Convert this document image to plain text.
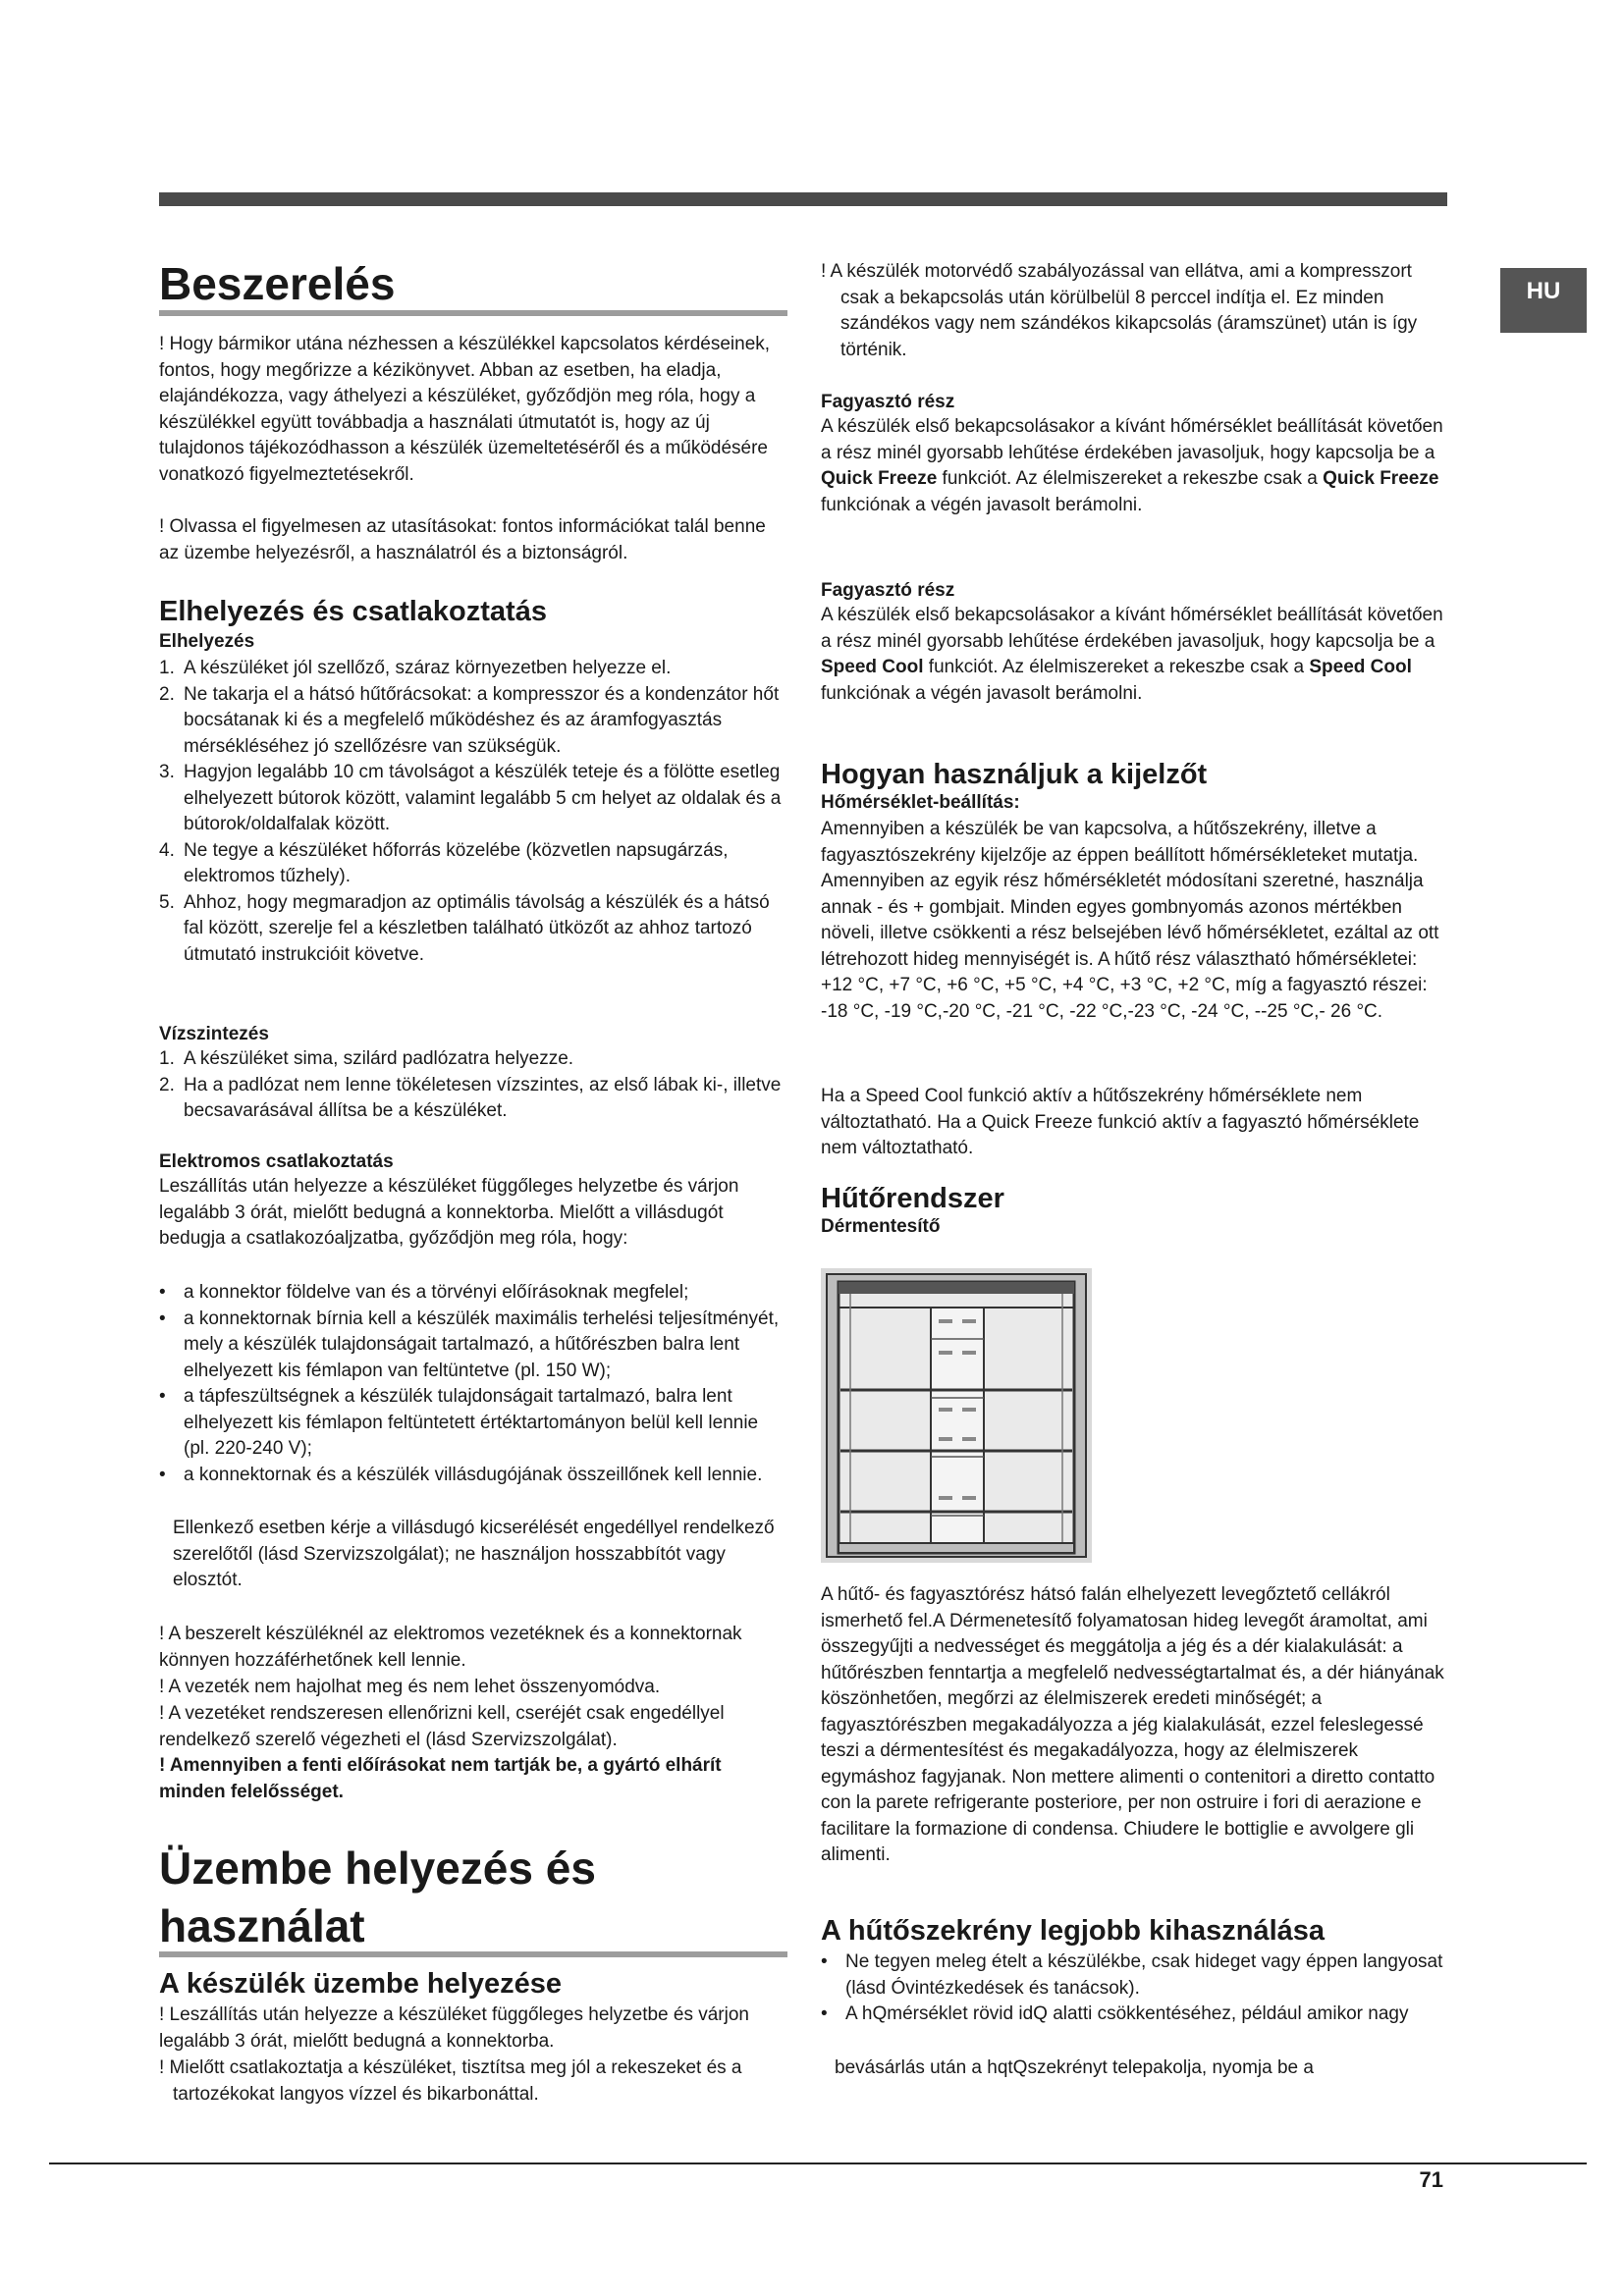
HU
Beszerelés

! Hogy bármikor utána nézhessen a készülékkel kapcsolatos kérdéseinek, fontos, hogy megőrizze a kézikönyvet. Abban az esetben, ha eladja, elajándékozza, vagy áthelyezi a készüléket, győződjön meg róla, hogy a készülékkel együtt továbbadja a használati útmutatót is, hogy az új tulajdonos tájékozódhasson a készülék üzemeltetéséről és a működésére vonatkozó figyelmeztetésekről.

! Olvassa el figyelmesen az utasításokat: fontos információkat talál benne az üzembe helyezésről, a használatról és a biztonságról.

Elhelyezés és csatlakoztatás
Elhelyezés
1. A készüléket jól szellőző, száraz környezetben helyezze el.
2. Ne takarja el a hátsó hűtőrácsokat: a kompresszor és a kondenzátor hőt bocsátanak ki és a megfelelő működéshez és az áramfogyasztás mérsékléséhez jó szellőzésre van szükségük.
3. Hagyjon legalább 10 cm távolságot a készülék teteje és a fölötte esetleg elhelyezett bútorok között, valamint legalább 5 cm helyet az oldalak és a bútorok/oldalfalak között.
4. Ne tegye a készüléket hőforrás közelébe (közvetlen napsugárzás, elektromos tűzhely).
5. Ahhoz, hogy megmaradjon az optimális távolság a készülék és a hátsó fal között, szerelje fel a készletben található ütközőt az ahhoz tartozó útmutató instrukcióit követve.
Vízszintezés
1. A készüléket sima, szilárd padlózatra helyezze.
2. Ha a padlózat nem lenne tökéletesen vízszintes, az első lábak ki-, illetve becsavarásával állítsa be a készüléket.
Elektromos csatlakoztatás

Leszállítás után helyezze a készüléket függőleges helyzetbe és várjon legalább 3 órát, mielőtt bedugná a konnektorba. Mielőtt a villásdugót bedugja a csatlakozóaljzatba, győződjön meg róla, hogy:

• a konnektor földelve van és a törvényi előírásoknak megfelel;
• a konnektornak bírnia kell a készülék maximális terhelési teljesítményét, mely a készülék tulajdonságait tartalmazó, a hűtőrészben balra lent elhelyezett kis fémlapon van feltüntetve (pl. 150 W);
• a tápfeszültségnek a készülék tulajdonságait tartalmazó, balra lent elhelyezett kis fémlapon feltüntetett értéktartományon belül kell lennie (pl. 220-240 V);
• a konnektornak és a készülék villásdugójának összeillőnek kell lennie.

Ellenkező esetben kérje a villásdugó kicserélését engedéllyel rendelkező szerelőtől (lásd Szervizszolgálat); ne használjon hosszabbítót vagy elosztót.

! A beszerelt készüléknél az elektromos vezetéknek és a konnektornak könnyen hozzáférhetőnek kell lennie.

! A vezeték nem hajolhat meg és nem lehet összenyomódva.

! A vezetéket rendszeresen ellenőrizni kell, cseréjét csak engedéllyel rendelkező szerelő végezheti el (lásd Szervizszolgálat).

! Amennyiben a fenti előírásokat nem tartják be, a gyártó elhárít minden felelősséget.

Üzembe helyezés és
használat
A készülék üzembe helyezése

! Leszállítás után helyezze a készüléket függőleges helyzetbe és várjon legalább 3 órát, mielőtt bedugná a konnektorba.

! Mielőtt csatlakoztatja a készüléket, tisztítsa meg jól a rekeszeket és a tartozékokat langyos vízzel és bikarbonáttal.

! A készülék motorvédő szabályozással van ellátva, ami a kompresszort csak a bekapcsolás után körülbelül 8 perccel indítja el. Ez minden szándékos vagy nem szándékos kikapcsolás (áramszünet) után is így történik.

Fagyasztó rész

A készülék első bekapcsolásakor a kívánt hőmérséklet beállítását követően a rész minél gyorsabb lehűtése érdekében javasoljuk, hogy kapcsolja be a Quick Freeze funkciót. Az élelmiszereket a rekeszbe csak a Quick Freeze funkciónak a végén javasolt berámolni.

Fagyasztó rész

A készülék első bekapcsolásakor a kívánt hőmérséklet beállítását követően a rész minél gyorsabb lehűtése érdekében javasoljuk, hogy kapcsolja be a Speed Cool funkciót. Az élelmiszereket a rekeszbe csak a Speed Cool funkciónak a végén javasolt berámolni.

Hogyan használjuk a kijelzőt
Hőmérséklet-beállítás:

Amennyiben a készülék be van kapcsolva, a hűtőszekrény, illetve a fagyasztószekrény kijelzője az éppen beállított hőmérsékleteket mutatja. Amennyiben az egyik rész hőmérsékletét módosítani szeretné, használja annak - és + gombjait. Minden egyes gombnyomás azonos mértékben növeli, illetve csökkenti a rész belsejében lévő hőmérsékletet, ezáltal az ott létrehozott hideg mennyiségét is. A hűtő rész választható hőmérsékletei: +12 °C, +7 °C, +6 °C, +5 °C, +4 °C, +3 °C, +2 °C, míg a fagyasztó részei: -18 °C, -19 °C,-20 °C, -21 °C, -22 °C,-23 °C, -24 °C, --25 °C,- 26 °C.

Ha a Speed Cool funkció aktív a hűtőszekrény hőmérséklete nem változtatható. Ha a Quick Freeze funkció aktív a fagyasztó hőmérséklete nem változtatható.

Hűtőrendszer
Dérmentesítő

A hűtő- és fagyasztórész hátsó falán elhelyezett levegőztető cellákról ismerhető fel.A Dérmenetesítő folyamatosan hideg levegőt áramoltat, ami összegyűjti a nedvességet és meggátolja a jég és a dér kialakulását: a hűtőrészben fenntartja a megfelelő nedvességtartalmat és, a dér hiányának köszönhetően, megőrzi az élelmiszerek eredeti minőségét; a fagyasztórészben megakadályozza a jég kialakulását, ezzel feleslegessé teszi a dérmentesítést és megakadályozza, hogy az élelmiszerek egymáshoz fagyjanak. Non mettere alimenti o contenitori a diretto contatto con la parete refrigerante posteriore, per non ostruire i fori di aerazione e facilitare la formazione di condensa. Chiudere le bottiglie e avvolgere gli alimenti.

A hűtőszekrény legjobb kihasználása
• Ne tegyen meleg ételt a készülékbe, csak hideget vagy éppen langyosat (lásd Óvintézkedések és tanácsok).
• A hQmérséklet rövid idQ alatti csökkentéséhez, például amikor nagy

bevásárlás után a hqtQszekrényt telepakolja, nyomja be a

71
